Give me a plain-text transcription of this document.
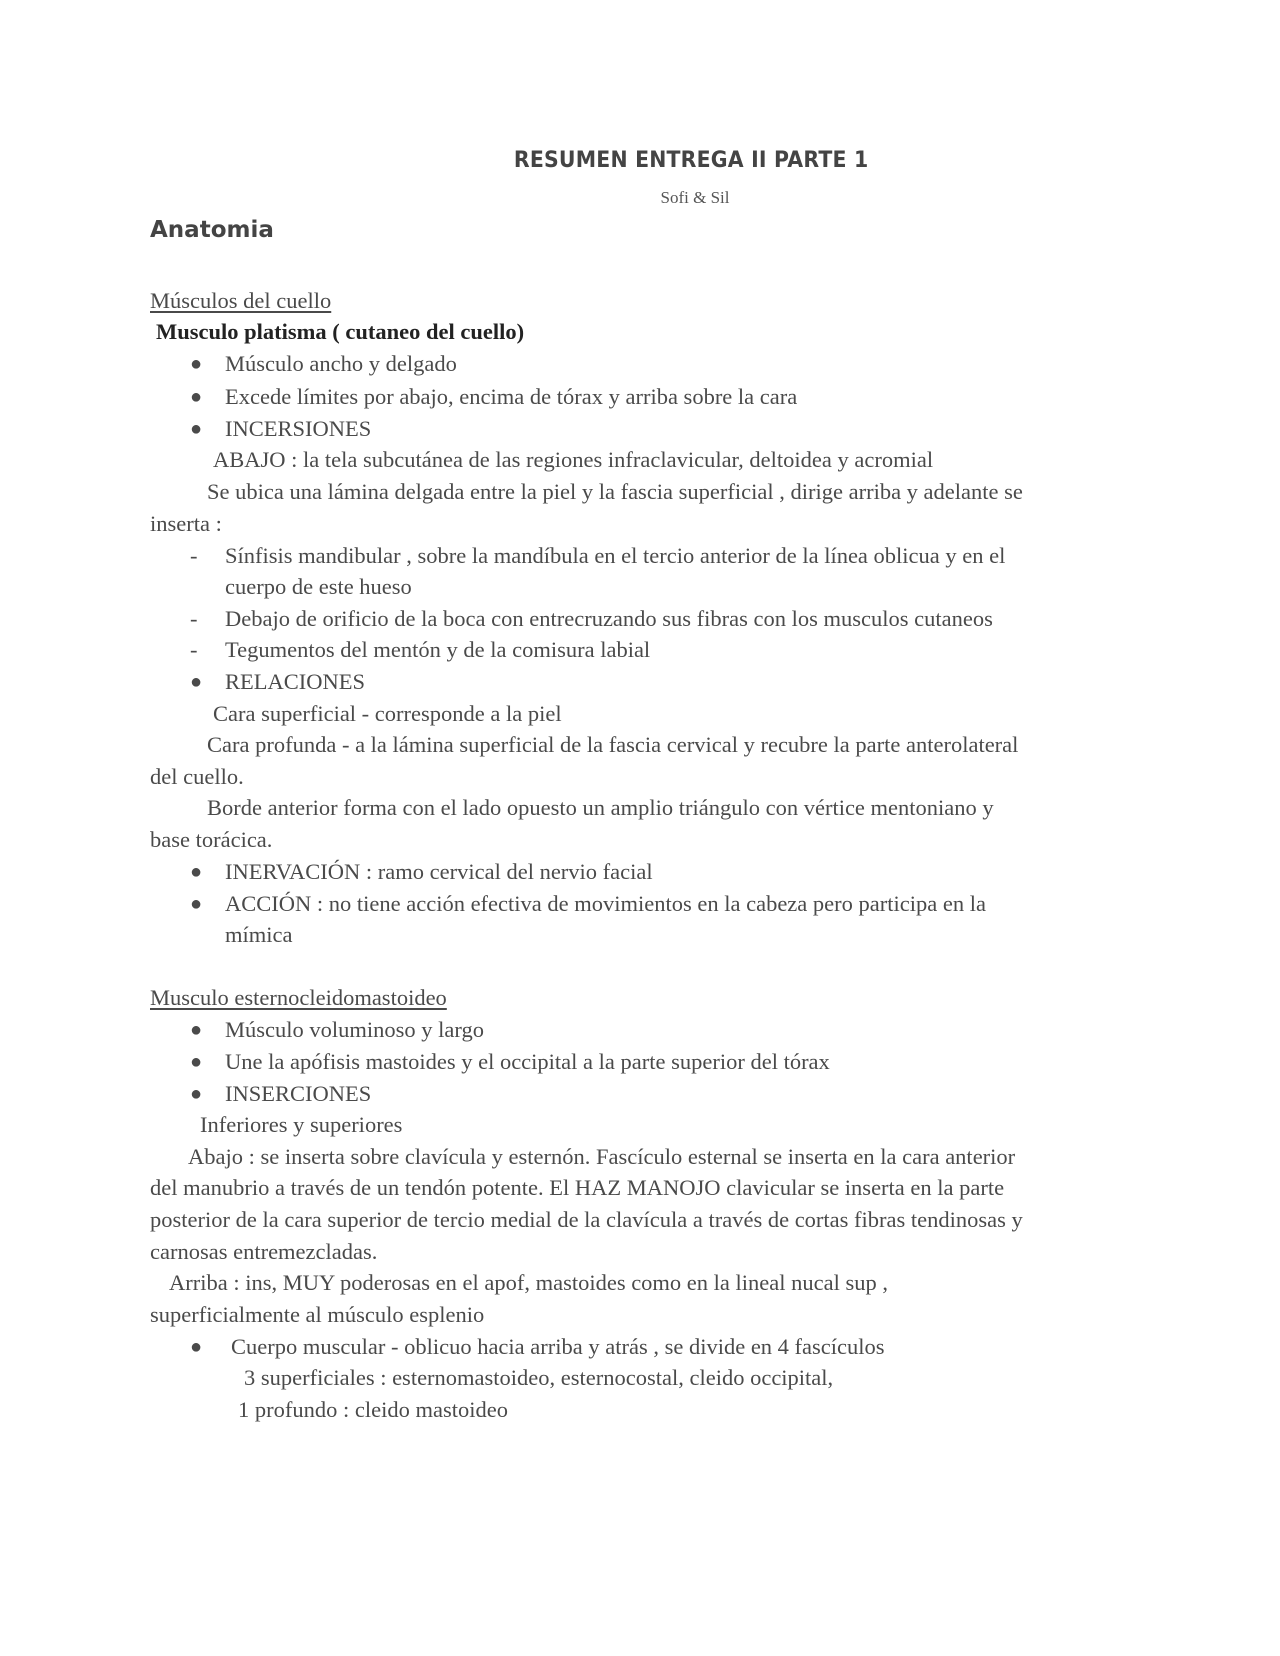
RESUMEN ENTREGA II PARTE 1
Sofi & Sil
Anatomia
Músculos del cuello
Musculo platisma ( cutaneo del cuello)
● Músculo ancho y delgado
● Excede límites por abajo, encima de tórax y arriba sobre la cara
● INCERSIONES
ABAJO : la tela subcutánea de las regiones infraclavicular, deltoidea y acromial
Se ubica una lámina delgada entre la piel y la fascia superficial , dirige arriba y adelante se
inserta :
- Sínfisis mandibular , sobre la mandíbula en el tercio anterior de la línea oblicua y en el
cuerpo de este hueso
- Debajo de orificio de la boca con entrecruzando sus fibras con los musculos cutaneos
- Tegumentos del mentón y de la comisura labial
● RELACIONES
Cara superficial - corresponde a la piel
Cara profunda - a la lámina superficial de la fascia cervical y recubre la parte anterolateral
del cuello.
Borde anterior forma con el lado opuesto un amplio triángulo con vértice mentoniano y
base torácica.
● INERVACIÓN : ramo cervical del nervio facial
● ACCIÓN : no tiene acción efectiva de movimientos en la cabeza pero participa en la
mímica
Musculo esternocleidomastoideo
● Músculo voluminoso y largo
● Une la apófisis mastoides y el occipital a la parte superior del tórax
● INSERCIONES
Inferiores y superiores
Abajo : se inserta sobre clavícula y esternón. Fascículo esternal se inserta en la cara anterior
del manubrio a través de un tendón potente. El HAZ MANOJO clavicular se inserta en la parte
posterior de la cara superior de tercio medial de la clavícula a través de cortas fibras tendinosas y
carnosas entremezcladas.
Arriba : ins, MUY poderosas en el apof, mastoides como en la lineal nucal sup ,
superficialmente al músculo esplenio
● Cuerpo muscular - oblicuo hacia arriba y atrás , se divide en 4 fascículos
3 superficiales : esternomastoideo, esternocostal, cleido occipital,
1 profundo : cleido mastoideo
